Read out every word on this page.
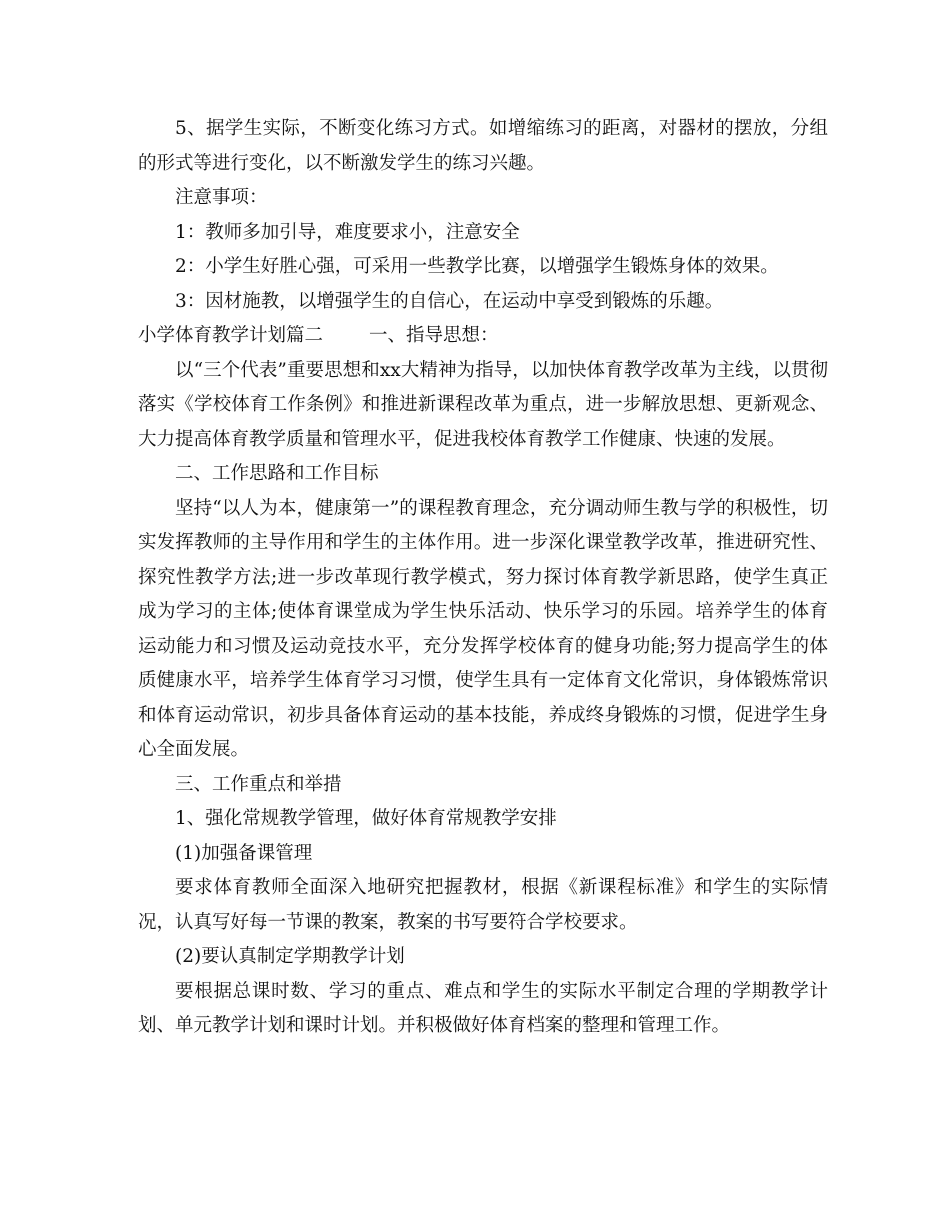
5、据学生实际，不断变化练习方式。如增缩练习的距离，对器材的摆放，分组的形式等进行变化，以不断激发学生的练习兴趣。

注意事项：

1：教师多加引导，难度要求小，注意安全

2：小学生好胜心强，可采用一些教学比赛，以增强学生锻炼身体的效果。

3：因材施教，以增强学生的自信心，在运动中享受到锻炼的乐趣。

小学体育教学计划篇二 一、指导思想：

以“三个代表”重要思想和xx大精神为指导，以加快体育教学改革为主线，以贯彻落实《学校体育工作条例》和推进新课程改革为重点，进一步解放思想、更新观念、大力提高体育教学质量和管理水平，促进我校体育教学工作健康、快速的发展。

二、工作思路和工作目标

坚持“以人为本，健康第一”的课程教育理念，充分调动师生教与学的积极性，切实发挥教师的主导作用和学生的主体作用。进一步深化课堂教学改革，推进研究性、探究性教学方法;进一步改革现行教学模式，努力探讨体育教学新思路，使学生真正成为学习的主体;使体育课堂成为学生快乐活动、快乐学习的乐园。培养学生的体育运动能力和习惯及运动竞技水平，充分发挥学校体育的健身功能;努力提高学生的体质健康水平，培养学生体育学习习惯，使学生具有一定体育文化常识，身体锻炼常识和体育运动常识，初步具备体育运动的基本技能，养成终身锻炼的习惯，促进学生身心全面发展。

三、工作重点和举措

1、强化常规教学管理，做好体育常规教学安排

(1)加强备课管理

要求体育教师全面深入地研究把握教材，根据《新课程标准》和学生的实际情况，认真写好每一节课的教案，教案的书写要符合学校要求。

(2)要认真制定学期教学计划

要根据总课时数、学习的重点、难点和学生的实际水平制定合理的学期教学计划、单元教学计划和课时计划。并积极做好体育档案的整理和管理工作。
